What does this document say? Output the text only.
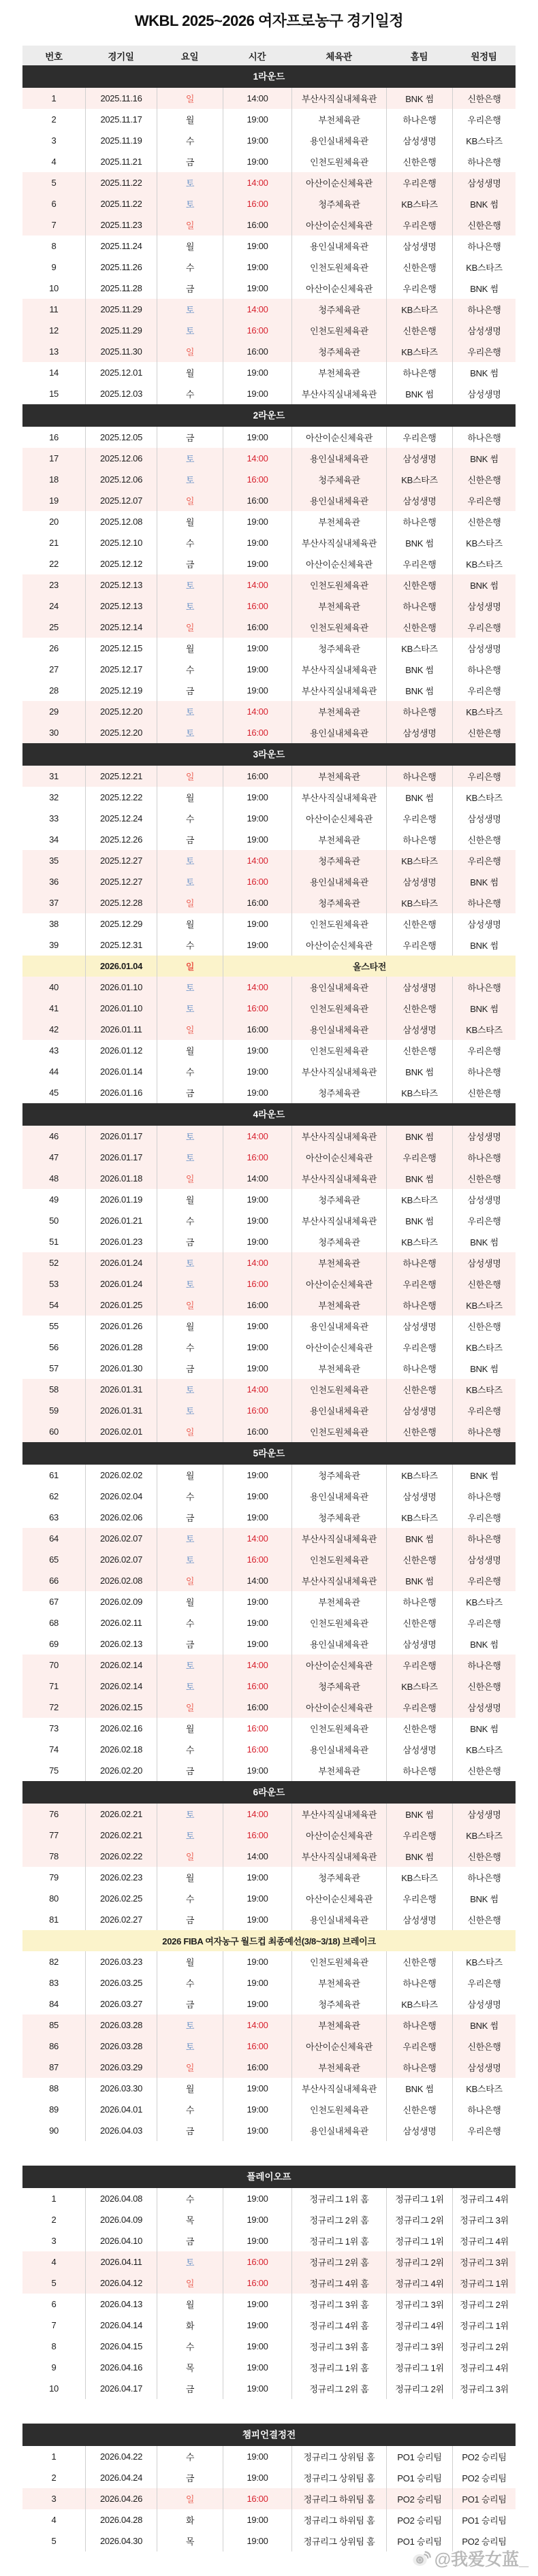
WKBL 2025~2026 여자프로농구 경기일정
번호	경기일	요일	시간	체육관	홈팀	원정팀
1라운드
1	2025.11.16	일	14:00	부산사직실내체육관	BNK 썸	신한은행
2	2025.11.17	월	19:00	부천체육관	하나은행	우리은행
3	2025.11.19	수	19:00	용인실내체육관	삼성생명	KB스타즈
4	2025.11.21	금	19:00	인천도원체육관	신한은행	하나은행
5	2025.11.22	토	14:00	아산이순신체육관	우리은행	삼성생명
6	2025.11.22	토	16:00	청주체육관	KB스타즈	BNK 썸
7	2025.11.23	일	16:00	아산이순신체육관	우리은행	신한은행
8	2025.11.24	월	19:00	용인실내체육관	삼성생명	하나은행
9	2025.11.26	수	19:00	인천도원체육관	신한은행	KB스타즈
10	2025.11.28	금	19:00	아산이순신체육관	우리은행	BNK 썸
11	2025.11.29	토	14:00	청주체육관	KB스타즈	하나은행
12	2025.11.29	토	16:00	인천도원체육관	신한은행	삼성생명
13	2025.11.30	일	16:00	청주체육관	KB스타즈	우리은행
14	2025.12.01	월	19:00	부천체육관	하나은행	BNK 썸
15	2025.12.03	수	19:00	부산사직실내체육관	BNK 썸	삼성생명
2라운드
16	2025.12.05	금	19:00	아산이순신체육관	우리은행	하나은행
17	2025.12.06	토	14:00	용인실내체육관	삼성생명	BNK 썸
18	2025.12.06	토	16:00	청주체육관	KB스타즈	신한은행
19	2025.12.07	일	16:00	용인실내체육관	삼성생명	우리은행
20	2025.12.08	월	19:00	부천체육관	하나은행	신한은행
21	2025.12.10	수	19:00	부산사직실내체육관	BNK 썸	KB스타즈
22	2025.12.12	금	19:00	아산이순신체육관	우리은행	KB스타즈
23	2025.12.13	토	14:00	인천도원체육관	신한은행	BNK 썸
24	2025.12.13	토	16:00	부천체육관	하나은행	삼성생명
25	2025.12.14	일	16:00	인천도원체육관	신한은행	우리은행
26	2025.12.15	월	19:00	청주체육관	KB스타즈	삼성생명
27	2025.12.17	수	19:00	부산사직실내체육관	BNK 썸	하나은행
28	2025.12.19	금	19:00	부산사직실내체육관	BNK 썸	우리은행
29	2025.12.20	토	14:00	부천체육관	하나은행	KB스타즈
30	2025.12.20	토	16:00	용인실내체육관	삼성생명	신한은행
3라운드
31	2025.12.21	일	16:00	부천체육관	하나은행	우리은행
32	2025.12.22	월	19:00	부산사직실내체육관	BNK 썸	KB스타즈
33	2025.12.24	수	19:00	아산이순신체육관	우리은행	삼성생명
34	2025.12.26	금	19:00	부천체육관	하나은행	신한은행
35	2025.12.27	토	14:00	청주체육관	KB스타즈	우리은행
36	2025.12.27	토	16:00	용인실내체육관	삼성생명	BNK 썸
37	2025.12.28	일	16:00	청주체육관	KB스타즈	하나은행
38	2025.12.29	월	19:00	인천도원체육관	신한은행	삼성생명
39	2025.12.31	수	19:00	아산이순신체육관	우리은행	BNK 썸
2026.01.04	일	올스타전
40	2026.01.10	토	14:00	용인실내체육관	삼성생명	하나은행
41	2026.01.10	토	16:00	인천도원체육관	신한은행	BNK 썸
42	2026.01.11	일	16:00	용인실내체육관	삼성생명	KB스타즈
43	2026.01.12	월	19:00	인천도원체육관	신한은행	우리은행
44	2026.01.14	수	19:00	부산사직실내체육관	BNK 썸	하나은행
45	2026.01.16	금	19:00	청주체육관	KB스타즈	신한은행
4라운드
46	2026.01.17	토	14:00	부산사직실내체육관	BNK 썸	삼성생명
47	2026.01.17	토	16:00	아산이순신체육관	우리은행	하나은행
48	2026.01.18	일	14:00	부산사직실내체육관	BNK 썸	신한은행
49	2026.01.19	월	19:00	청주체육관	KB스타즈	삼성생명
50	2026.01.21	수	19:00	부산사직실내체육관	BNK 썸	우리은행
51	2026.01.23	금	19:00	청주체육관	KB스타즈	BNK 썸
52	2026.01.24	토	14:00	부천체육관	하나은행	삼성생명
53	2026.01.24	토	16:00	아산이순신체육관	우리은행	신한은행
54	2026.01.25	일	16:00	부천체육관	하나은행	KB스타즈
55	2026.01.26	월	19:00	용인실내체육관	삼성생명	신한은행
56	2026.01.28	수	19:00	아산이순신체육관	우리은행	KB스타즈
57	2026.01.30	금	19:00	부천체육관	하나은행	BNK 썸
58	2026.01.31	토	14:00	인천도원체육관	신한은행	KB스타즈
59	2026.01.31	토	16:00	용인실내체육관	삼성생명	우리은행
60	2026.02.01	일	16:00	인천도원체육관	신한은행	하나은행
5라운드
61	2026.02.02	월	19:00	청주체육관	KB스타즈	BNK 썸
62	2026.02.04	수	19:00	용인실내체육관	삼성생명	하나은행
63	2026.02.06	금	19:00	청주체육관	KB스타즈	우리은행
64	2026.02.07	토	14:00	부산사직실내체육관	BNK 썸	하나은행
65	2026.02.07	토	16:00	인천도원체육관	신한은행	삼성생명
66	2026.02.08	일	14:00	부산사직실내체육관	BNK 썸	우리은행
67	2026.02.09	월	19:00	부천체육관	하나은행	KB스타즈
68	2026.02.11	수	19:00	인천도원체육관	신한은행	우리은행
69	2026.02.13	금	19:00	용인실내체육관	삼성생명	BNK 썸
70	2026.02.14	토	14:00	아산이순신체육관	우리은행	하나은행
71	2026.02.14	토	16:00	청주체육관	KB스타즈	신한은행
72	2026.02.15	일	16:00	아산이순신체육관	우리은행	삼성생명
73	2026.02.16	월	16:00	인천도원체육관	신한은행	BNK 썸
74	2026.02.18	수	16:00	용인실내체육관	삼성생명	KB스타즈
75	2026.02.20	금	19:00	부천체육관	하나은행	신한은행
6라운드
76	2026.02.21	토	14:00	부산사직실내체육관	BNK 썸	삼성생명
77	2026.02.21	토	16:00	아산이순신체육관	우리은행	KB스타즈
78	2026.02.22	일	14:00	부산사직실내체육관	BNK 썸	신한은행
79	2026.02.23	월	19:00	청주체육관	KB스타즈	하나은행
80	2026.02.25	수	19:00	아산이순신체육관	우리은행	BNK 썸
81	2026.02.27	금	19:00	용인실내체육관	삼성생명	신한은행
2026 FIBA 여자농구 월드컵 최종예선(3/8~3/18) 브레이크
82	2026.03.23	월	19:00	인천도원체육관	신한은행	KB스타즈
83	2026.03.25	수	19:00	부천체육관	하나은행	우리은행
84	2026.03.27	금	19:00	청주체육관	KB스타즈	삼성생명
85	2026.03.28	토	14:00	부천체육관	하나은행	BNK 썸
86	2026.03.28	토	16:00	아산이순신체육관	우리은행	신한은행
87	2026.03.29	일	16:00	부천체육관	하나은행	삼성생명
88	2026.03.30	월	19:00	부산사직실내체육관	BNK 썸	KB스타즈
89	2026.04.01	수	19:00	인천도원체육관	신한은행	하나은행
90	2026.04.03	금	19:00	용인실내체육관	삼성생명	우리은행
플레이오프
1	2026.04.08	수	19:00	정규리그 1위 홈	정규리그 1위	정규리그 4위
2	2026.04.09	목	19:00	정규리그 2위 홈	정규리그 2위	정규리그 3위
3	2026.04.10	금	19:00	정규리그 1위 홈	정규리그 1위	정규리그 4위
4	2026.04.11	토	16:00	정규리그 2위 홈	정규리그 2위	정규리그 3위
5	2026.04.12	일	16:00	정규리그 4위 홈	정규리그 4위	정규리그 1위
6	2026.04.13	월	19:00	정규리그 3위 홈	정규리그 3위	정규리그 2위
7	2026.04.14	화	19:00	정규리그 4위 홈	정규리그 4위	정규리그 1위
8	2026.04.15	수	19:00	정규리그 3위 홈	정규리그 3위	정규리그 2위
9	2026.04.16	목	19:00	정규리그 1위 홈	정규리그 1위	정규리그 4위
10	2026.04.17	금	19:00	정규리그 2위 홈	정규리그 2위	정규리그 3위
챔피언결정전
1	2026.04.22	수	19:00	정규리그 상위팀 홈	PO1 승리팀	PO2 승리팀
2	2026.04.24	금	19:00	정규리그 상위팀 홈	PO1 승리팀	PO2 승리팀
3	2026.04.26	일	16:00	정규리그 하위팀 홈	PO2 승리팀	PO1 승리팀
4	2026.04.28	화	19:00	정규리그 하위팀 홈	PO2 승리팀	PO1 승리팀
5	2026.04.30	목	19:00	정규리그 상위팀 홈	PO1 승리팀	PO2 승리팀
@我爱女蓝_
